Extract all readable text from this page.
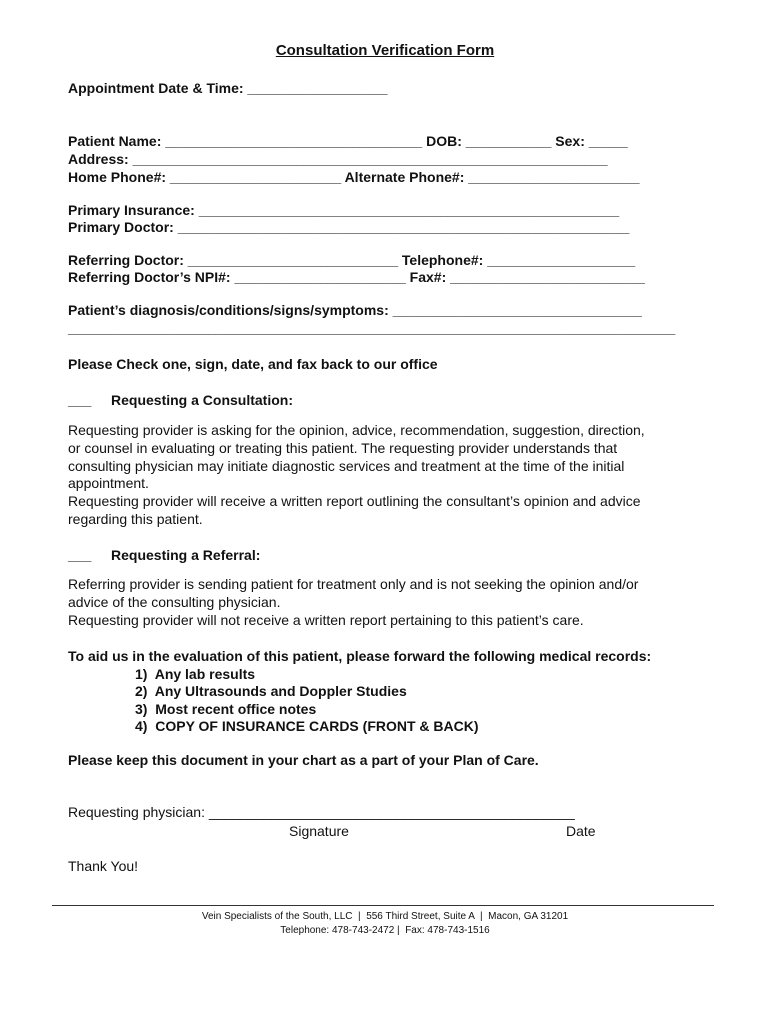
Consultation Verification Form
Appointment Date & Time: __________________
Patient Name: _________________________________ DOB: ___________ Sex: _____
Address: _____________________________________________________________
Home Phone#: ______________________ Alternate Phone#: ______________________
Primary Insurance: ______________________________________________________
Primary Doctor: __________________________________________________________
Referring Doctor: ___________________________ Telephone#: ___________________
Referring Doctor’s NPI#: ______________________ Fax#: _________________________
Patient’s diagnosis/conditions/signs/symptoms: ________________________________
______________________________________________________________________________
Please Check one, sign, date, and fax back to our office
___ Requesting a Consultation:
Requesting provider is asking for the opinion, advice, recommendation, suggestion, direction,
or counsel in evaluating or treating this patient. The requesting provider understands that
consulting physician may initiate diagnostic services and treatment at the time of the initial
appointment.
Requesting provider will receive a written report outlining the consultant’s opinion and advice
regarding this patient.
___ Requesting a Referral:
Referring provider is sending patient for treatment only and is not seeking the opinion and/or
advice of the consulting physician.
Requesting provider will not receive a written report pertaining to this patient’s care.
To aid us in the evaluation of this patient, please forward the following medical records:
1)  Any lab results
2)  Any Ultrasounds and Doppler Studies
3)  Most recent office notes
4)  COPY OF INSURANCE CARDS (FRONT & BACK)
Please keep this document in your chart as a part of your Plan of Care.
Requesting physician: _______________________________________________
Signature	Date
Thank You!
Vein Specialists of the South, LLC  |  556 Third Street, Suite A  |  Macon, GA 31201
Telephone: 478-743-2472 |  Fax: 478-743-1516
